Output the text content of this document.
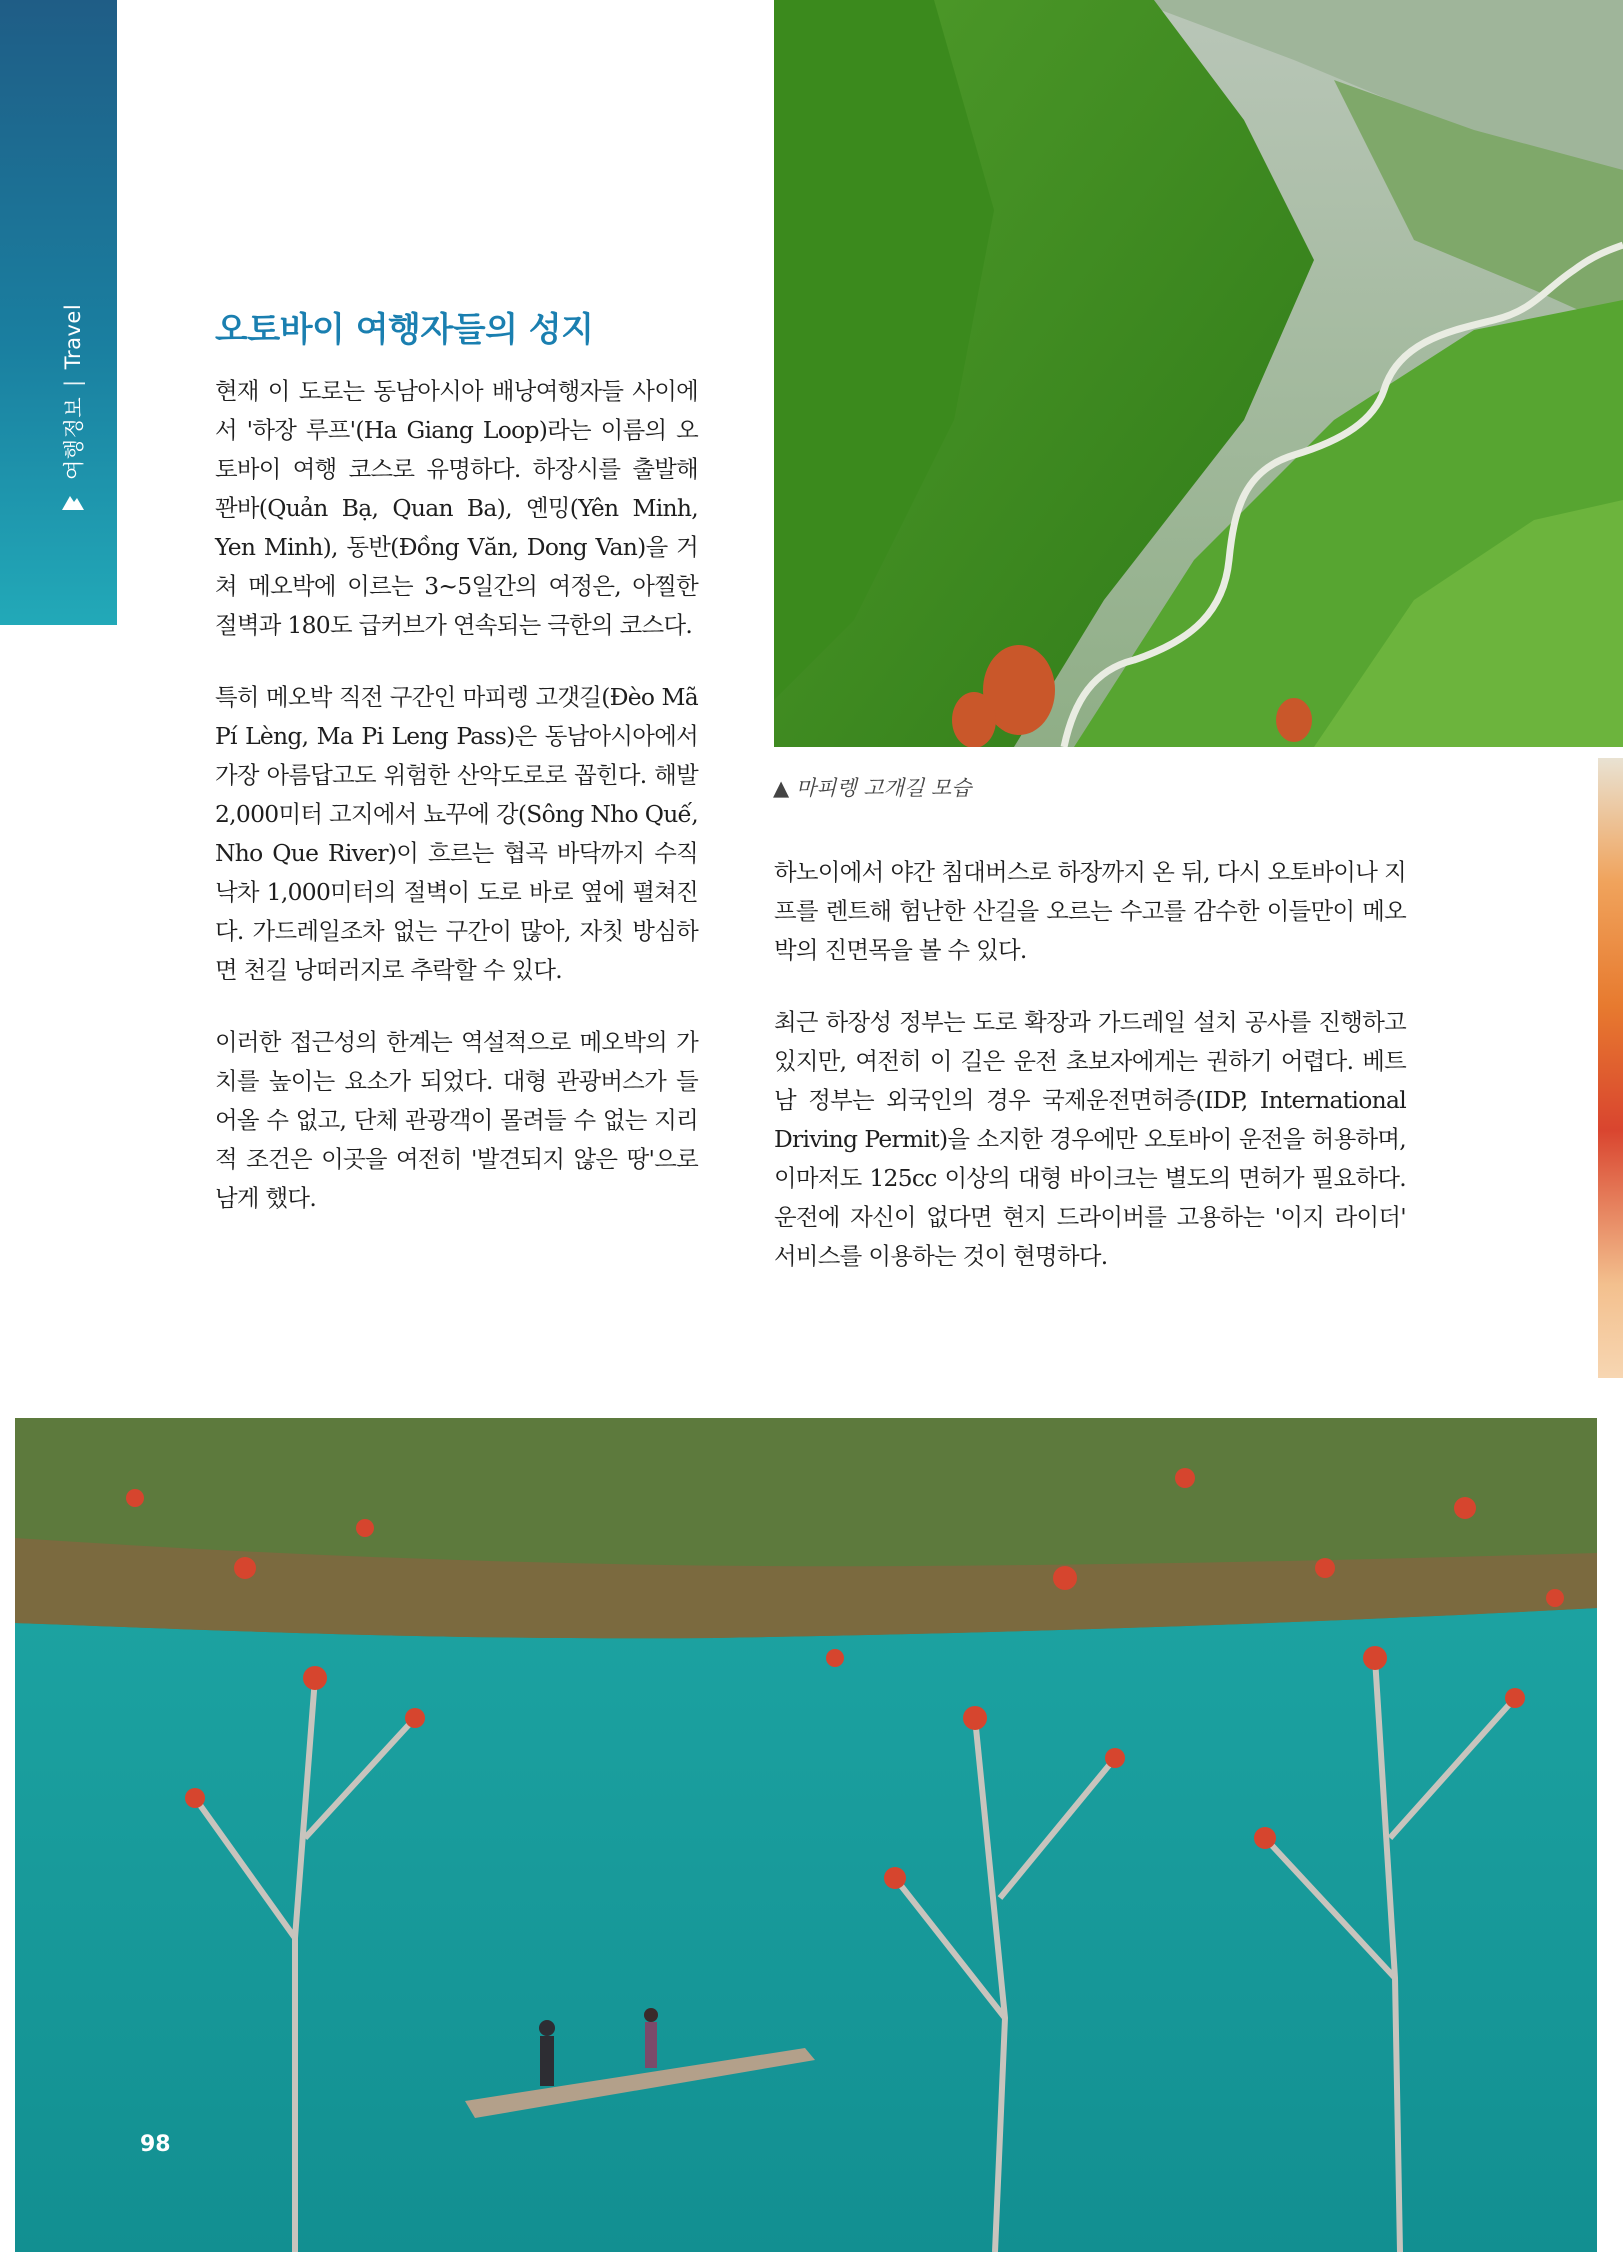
여행정보
|
Travel
▲ 마피렝 고개길 모습
오토바이 여행자들의 성지

현재 이 도로는 동남아시아 배낭여행자들 사이에서 '하장 루프'(Ha Giang Loop)라는 이름의 오토바이 여행 코스로 유명하다. 하장시를 출발해 꽌바(Quản Bạ, Quan Ba), 옌밍(Yên Minh, Yen Minh), 동반(Đồng Văn, Dong Van)을 거쳐 메오박에 이르는 3~5일간의 여정은, 아찔한 절벽과 180도 급커브가 연속되는 극한의 코스다.

특히 메오박 직전 구간인 마피렝 고갯길(Đèo Mã Pí Lèng, Ma Pi Leng Pass)은 동남아시아에서 가장 아름답고도 위험한 산악도로로 꼽힌다. 해발 2,000미터 고지에서 뇨꾸에 강(Sông Nho Quế, Nho Que River)이 흐르는 협곡 바닥까지 수직 낙차 1,000미터의 절벽이 도로 바로 옆에 펼쳐진다. 가드레일조차 없는 구간이 많아, 자칫 방심하면 천길 낭떠러지로 추락할 수 있다.

이러한 접근성의 한계는 역설적으로 메오박의 가치를 높이는 요소가 되었다. 대형 관광버스가 들어올 수 없고, 단체 관광객이 몰려들 수 없는 지리적 조건은 이곳을 여전히 '발견되지 않은 땅'으로 남게 했다.

하노이에서 야간 침대버스로 하장까지 온 뒤, 다시 오토바이나 지프를 렌트해 험난한 산길을 오르는 수고를 감수한 이들만이 메오박의 진면목을 볼 수 있다.

최근 하장성 정부는 도로 확장과 가드레일 설치 공사를 진행하고 있지만, 여전히 이 길은 운전 초보자에게는 권하기 어렵다. 베트남 정부는 외국인의 경우 국제운전면허증(IDP, International Driving Permit)을 소지한 경우에만 오토바이 운전을 허용하며, 이마저도 125cc 이상의 대형 바이크는 별도의 면허가 필요하다. 운전에 자신이 없다면 현지 드라이버를 고용하는 '이지 라이더' 서비스를 이용하는 것이 현명하다.

98
